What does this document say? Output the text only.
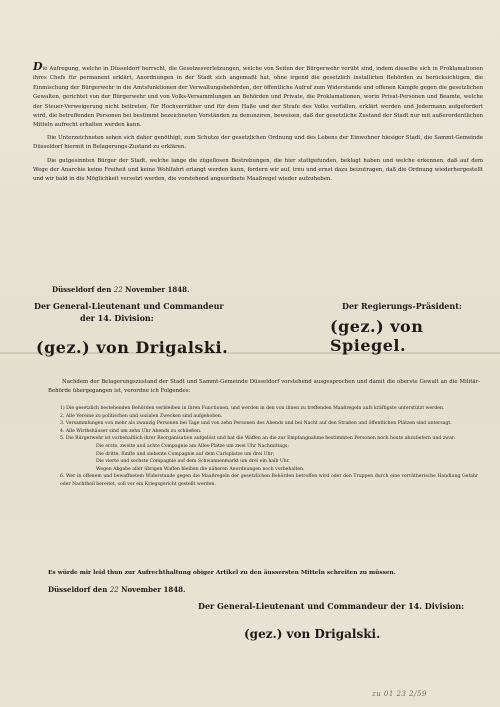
Die Aufregung, welche in Düsseldorf herrscht, die Gesetzesverletzungen, welche von Seiten der Bürgerwehr verübt sind, indem dieselbe sich in Proklamationen ihres Chefs für permanent erklärt, Anordnungen in der Stadt sich angemaßt hat, ohne irgend die gesetzlich installirten Behörden zu berücksichtigen, die Einmischung der Bürgerwehr in die Amtsfunktionen der Verwaltungsbehörden, der öffentliche Aufruf zum Widerstande und offenen Kampfe gegen die gesetzlichen Gewalten, gerichtet von der Bürgerwehr und von Volks-Versammlungen an Behörden und Private, die Proklamationen, worin Privat-Personen und Beamte, welche der Steuer-Verweigerung nicht beitreten, für Hochverräther und für dem Haße und der Strafe des Volks verfallen, erklärt werden und Jedermann aufgefordert wird, die betreffenden Personen bei bestimmt bezeichneten Vorständen zu denunziren, beweisen, daß der gesetzliche Zustand der Stadt nur mit außerordentlichen Mitteln aufrecht erhalten werden kann.

Die Unterzeichneten sehen sich daher genöthigt, zum Schutze der gesetzlichen Ordnung und des Lebens der Einwohner hiesiger Stadt, die Sammt-Gemeinde Düsseldorf hiermit in Belagerungs-Zustand zu erklären.

Die gutgesinnten Bürger der Stadt, welche lange die zügellosen Bestrebungen, die hier stattgefunden, beklagt haben und welche erkennen, daß auf dem Wege der Anarchie keine Freiheit und keine Wohlfahrt erlangt werden kann, fordern wir auf, treu und ernst dazu beizutragen, daß die Ordnung wiederhergestellt und wir bald in die Möglichkeit versetzt werden, die vorstehend angeordnete Maaßregel wieder aufzuheben.

Düsseldorf den 22 November 1848.
Der General-Lieutenant und Commandeur
der 14. Division:
(gez.) von Drigalski.
Der Regierungs-Präsident:
(gez.) von Spiegel.

Nachdem der Belagerungszustand der Stadt und Sammt-Gemeinde Düsseldorf vorstehend ausgesprochen und damit die oberste Gewalt an die Militär-Behörde übergegangen ist, verordne ich Folgendes:

1) Die gesetzlich bestehenden Behörden verbleiben in ihren Functionen, und werden in den von ihnen zu treffenden Maaßregeln aufs kräftigste unterstützt werden.

2. Alle Vereine zu politischen und sozialen Zwecken sind aufgehoben.

3. Versammlungen von mehr als zwanzig Personen bei Tage und von zehn Personen des Abends und bei Nacht auf den Straßen und öffentlichen Plätzen sind untersagt.

4. Alle Wirthshäuser sind um zehn Uhr Abends zu schließen.

5. Die Bürgerwehr ist vorbehaltlich ihrer Reorganisation aufgelöst und hat die Waffen an die zur Empfangnahme bestimmten Personen noch heute abzuliefern und zwar:

Die erste, zweite und achte Compagnie am Alles-Platze um zwei Uhr Nachmittags;

Die dritte, fünfte und siebente Compagnie auf dem Carlsplatze um drei Uhr;

Die vierte und sechste Compagnie auf dem Schwannenmarkt um drei ein halb Uhr.

Wegen Abgabe aller übrigen Waffen bleiben die näheren Anordnungen noch vorbehalten.

6. Wer in offenem und bewaffnetem Widerstande gegen die Maaßregeln der gesetzlichen Behörden betroffen wird oder den Truppen durch eine verrätherische Handlung Gefahr oder Nachtheil bereitet, soll vor ein Kriegsgericht gestellt werden.

Es würde mir leid thun zur Aufrechthaltung obiger Artikel zu den äussersten Mitteln schreiten zu müssen.

Düsseldorf den 22 November 1848.
Der General-Lieutenant und Commandeur der 14. Division:
(gez.) von Drigalski.
zu 01 23 2/59
